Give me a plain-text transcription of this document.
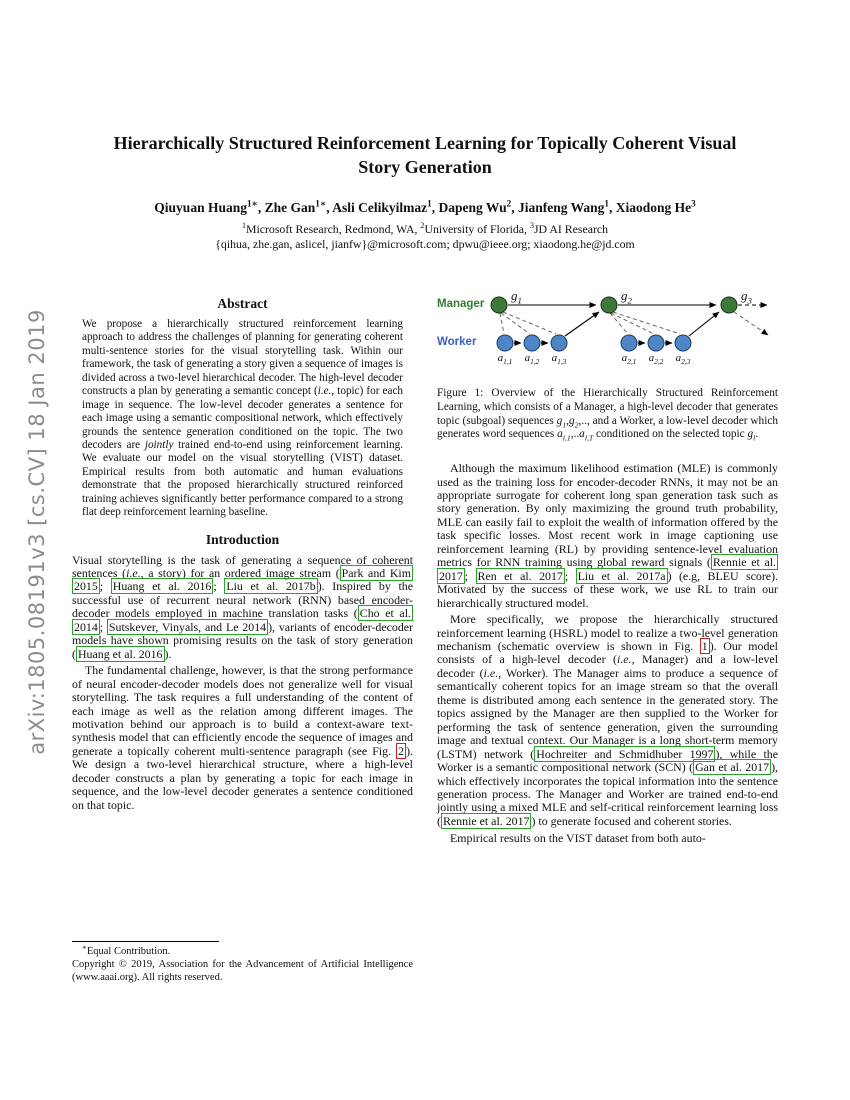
arXiv:1805.08191v3 [cs.CV] 18 Jan 2019
Hierarchically Structured Reinforcement Learning for Topically Coherent Visual
Story Generation
Qiuyuan Huang$^{1∗}$, Zhe Gan$^{1∗}$, Asli Celikyilmaz$^1$, Dapeng Wu$^2$, Jianfeng Wang$^1$, Xiaodong He$^3$
$^1$Microsoft Research, Redmond, WA, $^2$University of Florida, $^3$JD AI Research
{qihua, zhe.gan, aslicel, jianfw}@microsoft.com; dpwu@ieee.org; xiaodong.he@jd.com
Abstract

We propose a hierarchically structured reinforcement learning approach to address the challenges of planning for generating coherent multi-sentence stories for the visual storytelling task. Within our framework, the task of generating a story given a sequence of images is divided across a two-level hierarchical decoder. The high-level decoder constructs a plan by generating a semantic concept (i.e., topic) for each image in sequence. The low-level decoder generates a sentence for each image using a semantic compositional network, which effectively grounds the sentence generation conditioned on the topic. The two decoders are jointly trained end-to-end using reinforcement learning. We evaluate our model on the visual storytelling (VIST) dataset. Empirical results from both automatic and human evaluations demonstrate that the proposed hierarchically structured reinforced training achieves significantly better performance compared to a strong flat deep reinforcement learning baseline.

Introduction

Visual storytelling is the task of generating a sequence of coherent sentences (i.e., a story) for an ordered image stream ( Park and Kim 2015 ; Huang et al. 2016 ; Liu et al. 2017b ). Inspired by the successful use of recurrent neural network (RNN) based encoder-decoder models employed in machine translation tasks ( Cho et al. 2014 ; Sutskever, Vinyals, and Le 2014 ), variants of encoder-decoder models have shown promising results on the task of story generation ( Huang et al. 2016 ).

The fundamental challenge, however, is that the strong performance of neural encoder-decoder models does not generalize well for visual storytelling. The task requires a full understanding of the content of each image as well as the relation among different images. The motivation behind our approach is to build a context-aware text-synthesis model that can efficiently encode the sequence of images and generate a topically coherent multi-sentence paragraph (see Fig. 2 ). We design a two-level hierarchical structure, where a high-level decoder constructs a plan by generating a topic for each image in sequence, and the low-level decoder generates a sentence conditioned on that topic.

∗Equal Contribution.
Copyright © 2019, Association for the Advancement of Artificial Intelligence (www.aaai.org). All rights reserved.
Manager
Worker
$g_1$	$g_2$	$g_3$
$a_{1,1}$	$a_{1,2}$	$a_{1,3}$	$a_{2,1}$	$a_{2,2}$	$a_{2,3}$

Figure 1: Overview of the Hierarchically Structured Reinforcement Learning, which consists of a Manager, a high-level decoder that generates topic (subgoal) sequences $g_1,g_2$,.., and a Worker, a low-level decoder which generates word sequences $a_{l,1},..a_{l,T}$ conditioned on the selected topic $g_l$.

Although the maximum likelihood estimation (MLE) is commonly used as the training loss for encoder-decoder RNNs, it may not be an appropriate surrogate for coherent long span generation task such as story generation. By only maximizing the ground truth probability, MLE can easily fail to exploit the wealth of information offered by the task specific losses. Most recent work in image captioning use reinforcement learning (RL) by providing sentence-level evaluation metrics for RNN training using global reward signals ( Rennie et al. 2017 ; Ren et al. 2017 ; Liu et al. 2017a ) (e.g, BLEU score). Motivated by the success of these work, we use RL to train our hierarchically structured model.

More specifically, we propose the hierarchically structured reinforcement learning (HSRL) model to realize a two-level generation mechanism (schematic overview is shown in Fig. 1 ). Our model consists of a high-level decoder (i.e., Manager) and a low-level decoder (i.e., Worker). The Manager aims to produce a sequence of semantically coherent topics for an image stream so that the overall theme is distributed among each sentence in the generated story. The topics assigned by the Manager are then supplied to the Worker for performing the task of sentence generation, given the surrounding image and textual context. Our Manager is a long short-term memory (LSTM) network ( Hochreiter and Schmidhuber 1997 ), while the Worker is a semantic compositional network (SCN) ( Gan et al. 2017 ), which effectively incorporates the topical information into the sentence generation process. The Manager and Worker are trained end-to-end jointly using a mixed MLE and self-critical reinforcement learning loss ( Rennie et al. 2017 ) to generate focused and coherent stories.

Empirical results on the VIST dataset from both auto-
